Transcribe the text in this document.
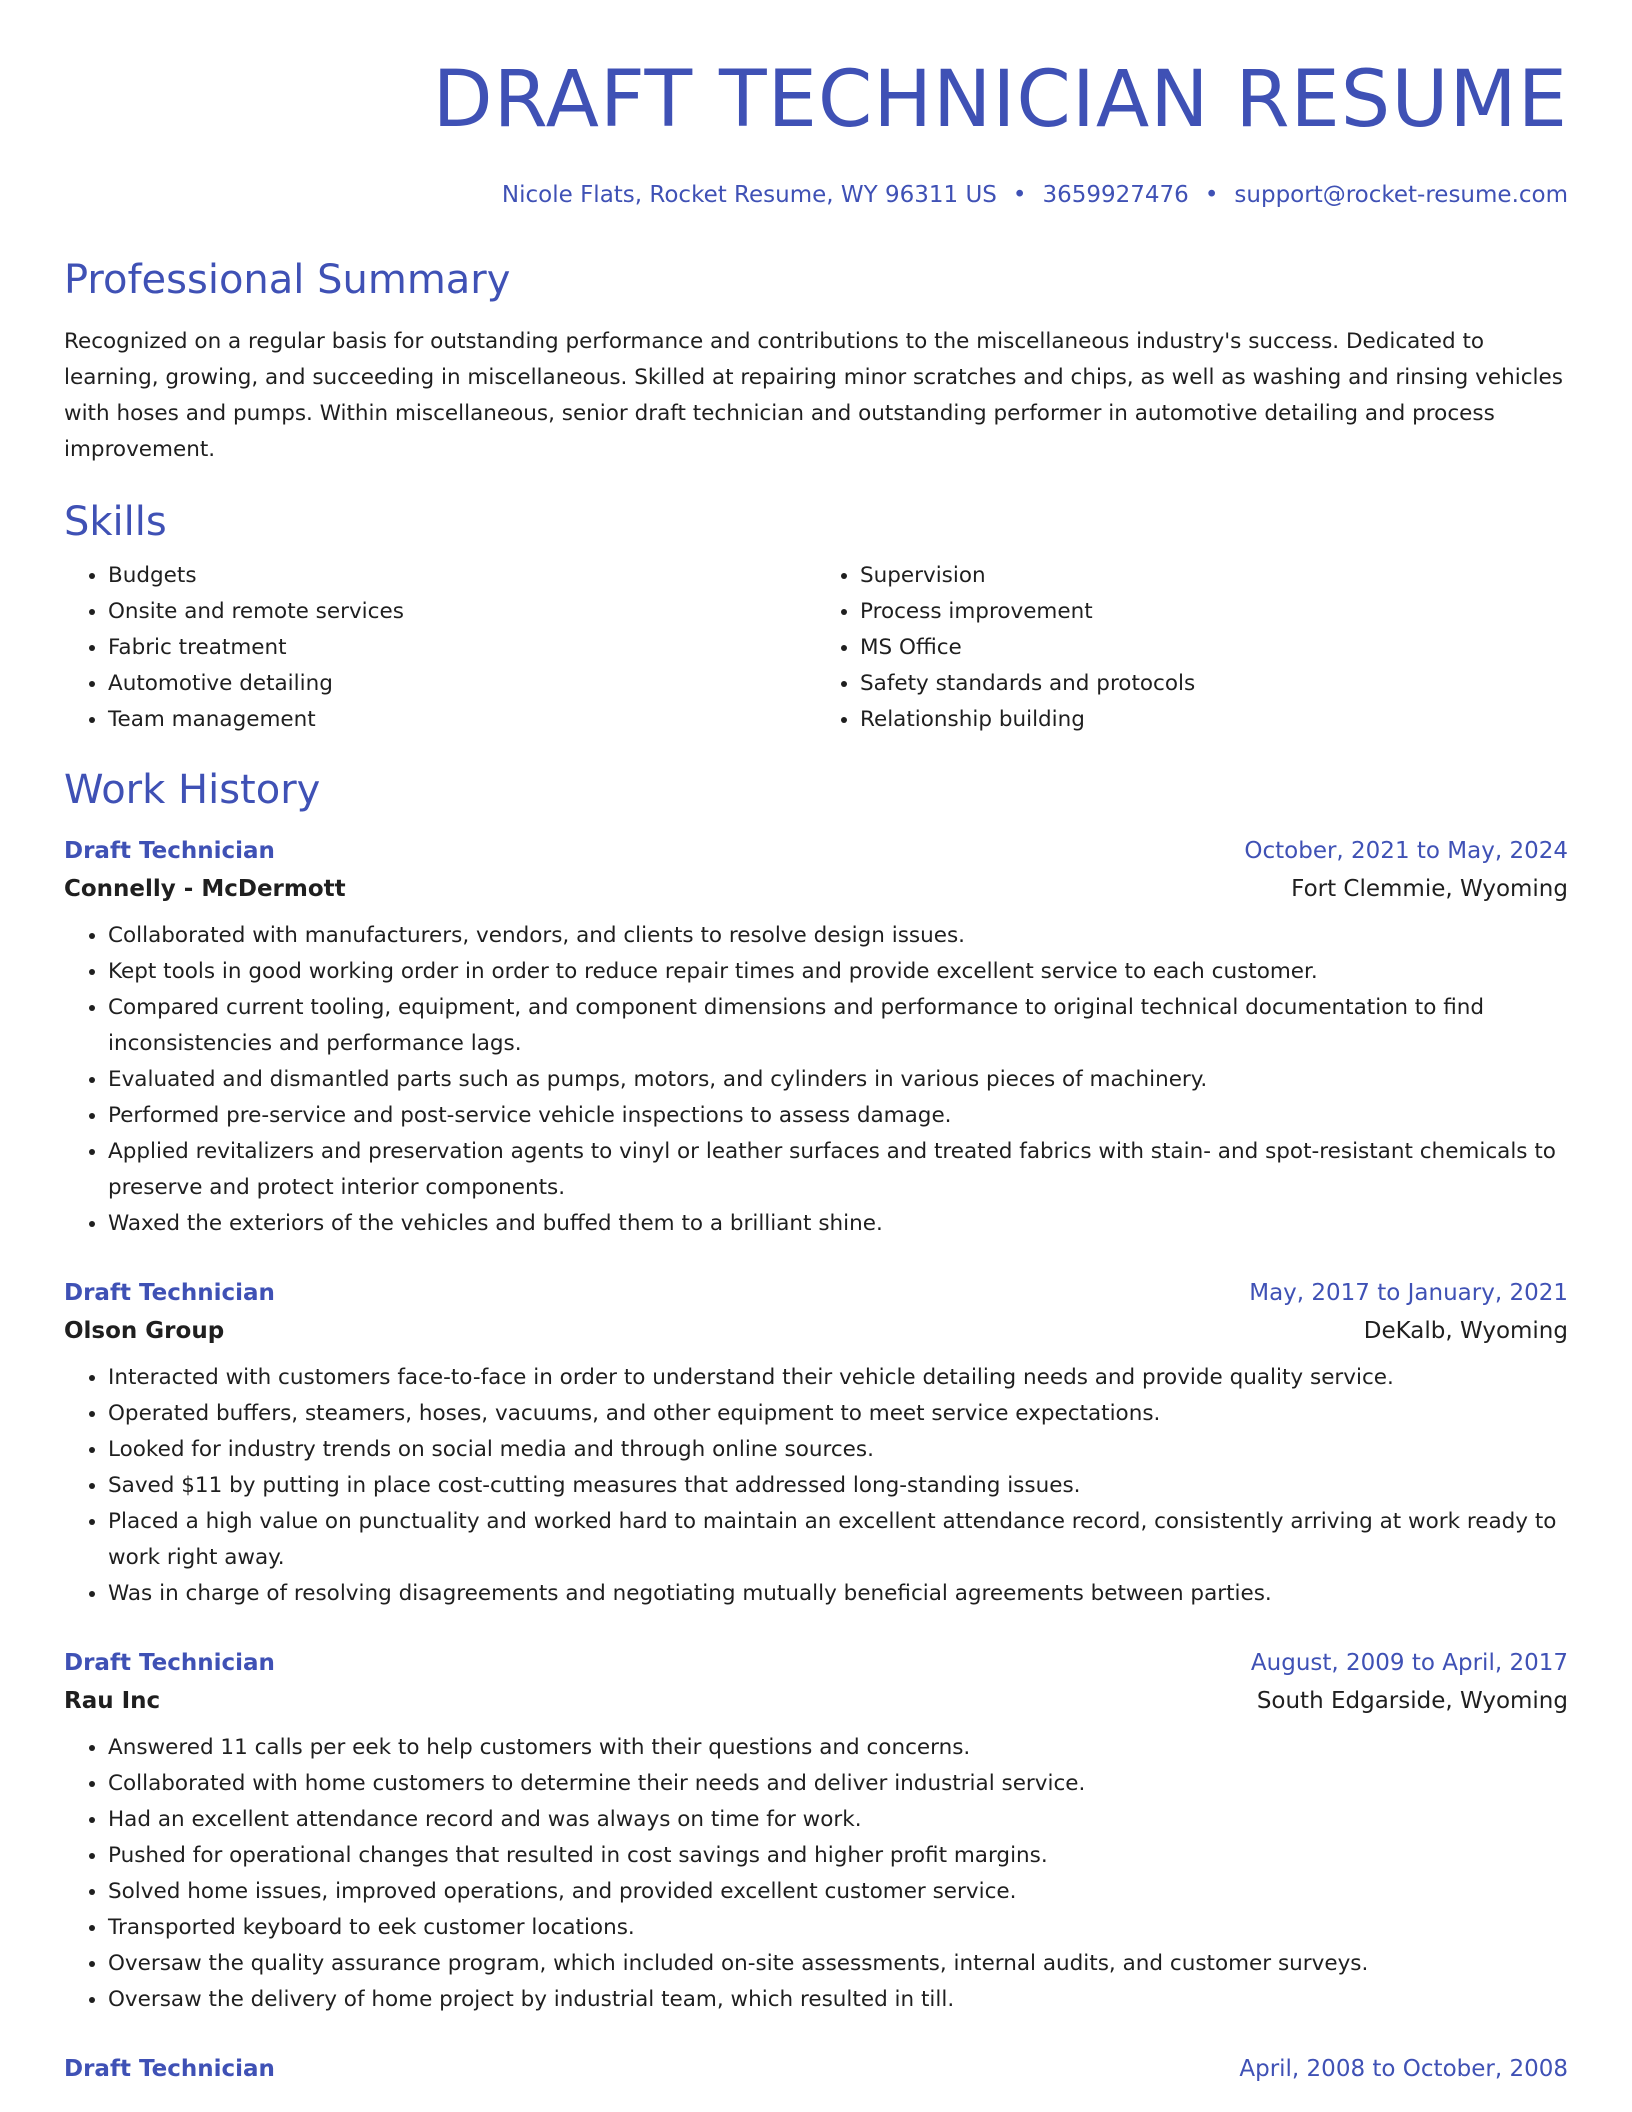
DRAFT TECHNICIAN RESUME
Nicole Flats, Rocket Resume, WY 96311 US • 3659927476 • support@rocket-resume.com
Professional Summary

Recognized on a regular basis for outstanding performance and contributions to the miscellaneous industry's success. Dedicated to learning, growing, and succeeding in miscellaneous. Skilled at repairing minor scratches and chips, as well as washing and rinsing vehicles with hoses and pumps. Within miscellaneous, senior draft technician and outstanding performer in automotive detailing and process improvement.

Skills
• Budgets
• Onsite and remote services
• Fabric treatment
• Automotive detailing
• Team management
• Supervision
• Process improvement
• MS Office
• Safety standards and protocols
• Relationship building
Work History
Draft Technician	October, 2021 to May, 2024
Connelly - McDermott	Fort Clemmie, Wyoming
• Collaborated with manufacturers, vendors, and clients to resolve design issues.
• Kept tools in good working order in order to reduce repair times and provide excellent service to each customer.
• Compared current tooling, equipment, and component dimensions and performance to original technical documentation to find inconsistencies and performance lags.
• Evaluated and dismantled parts such as pumps, motors, and cylinders in various pieces of machinery.
• Performed pre-service and post-service vehicle inspections to assess damage.
• Applied revitalizers and preservation agents to vinyl or leather surfaces and treated fabrics with stain- and spot-resistant chemicals to preserve and protect interior components.
• Waxed the exteriors of the vehicles and buffed them to a brilliant shine.
Draft Technician	May, 2017 to January, 2021
Olson Group	DeKalb, Wyoming
• Interacted with customers face-to-face in order to understand their vehicle detailing needs and provide quality service.
• Operated buffers, steamers, hoses, vacuums, and other equipment to meet service expectations.
• Looked for industry trends on social media and through online sources.
• Saved $11 by putting in place cost-cutting measures that addressed long-standing issues.
• Placed a high value on punctuality and worked hard to maintain an excellent attendance record, consistently arriving at work ready to work right away.
• Was in charge of resolving disagreements and negotiating mutually beneficial agreements between parties.
Draft Technician	August, 2009 to April, 2017
Rau Inc	South Edgarside, Wyoming
• Answered 11 calls per eek to help customers with their questions and concerns.
• Collaborated with home customers to determine their needs and deliver industrial service.
• Had an excellent attendance record and was always on time for work.
• Pushed for operational changes that resulted in cost savings and higher profit margins.
• Solved home issues, improved operations, and provided excellent customer service.
• Transported keyboard to eek customer locations.
• Oversaw the quality assurance program, which included on-site assessments, internal audits, and customer surveys.
• Oversaw the delivery of home project by industrial team, which resulted in till.
Draft Technician	April, 2008 to October, 2008
